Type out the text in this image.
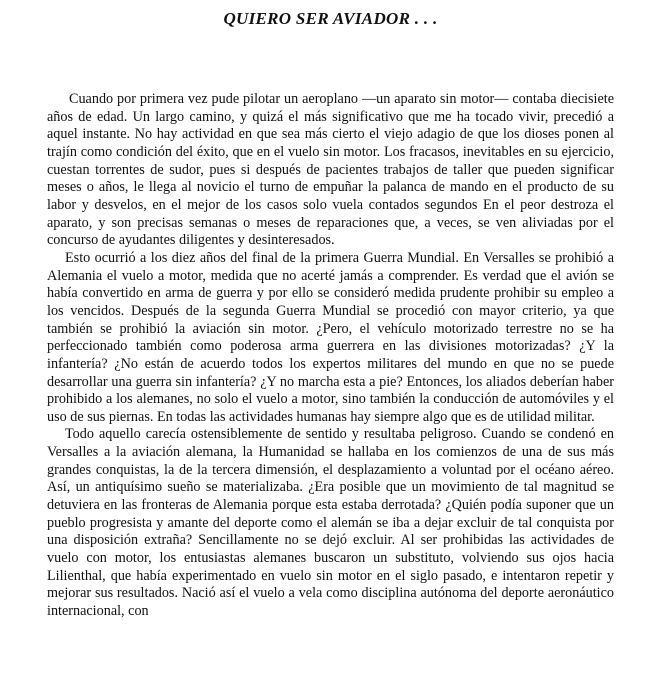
QUIERO SER AVIADOR . . .

Cuando por primera vez pude pilotar un aeroplano —un aparato sin motor— contaba diecisiete años de edad. Un largo camino, y quizá el más significativo que me ha tocado vivir, precedió a aquel instante. No hay actividad en que sea más cierto el viejo adagio de que los dioses ponen al trajín como condición del éxito, que en el vuelo sin motor. Los fracasos, inevitables en su ejercicio, cuestan torrentes de sudor, pues si después de pacientes trabajos de taller que pueden significar meses o años, le llega al novicio el turno de empuñar la palanca de mando en el producto de su labor y desvelos, en el mejor de los casos solo vuela contados segundos En el peor destroza el aparato, y son precisas semanas o meses de reparaciones que, a veces, se ven aliviadas por el concurso de ayudantes diligentes y desinteresados.

Esto ocurrió a los diez años del final de la primera Guerra Mundial. En Versalles se prohibió a Alemania el vuelo a motor, medida que no acerté jamás a comprender. Es verdad que el avión se había convertido en arma de guerra y por ello se consideró medida prudente prohibir su empleo a los vencidos. Después de la segunda Guerra Mundial se procedió con mayor criterio, ya que también se prohibió la aviación sin motor. ¿Pero, el vehículo motorizado terrestre no se ha perfeccionado también como poderosa arma guerrera en las divisiones motorizadas? ¿Y la infantería? ¿No están de acuerdo todos los expertos militares del mundo en que no se puede desarrollar una guerra sin infantería? ¿Y no marcha esta a pie? Entonces, los aliados deberían haber prohibido a los alemanes, no solo el vuelo a motor, sino también la conducción de automóviles y el uso de sus piernas. En todas las actividades humanas hay siempre algo que es de utilidad militar.

Todo aquello carecía ostensiblemente de sentido y resultaba peligroso. Cuando se condenó en Versalles a la aviación alemana, la Humanidad se hallaba en los comienzos de una de sus más grandes conquistas, la de la tercera dimensión, el desplazamiento a voluntad por el océano aéreo. Así, un antiquísimo sueño se materializaba. ¿Era posible que un movimiento de tal magnitud se detuviera en las fronteras de Alemania porque esta estaba derrotada? ¿Quién podía suponer que un pueblo progresista y amante del deporte como el alemán se iba a dejar excluir de tal conquista por una disposición extraña? Sencillamente no se dejó excluir. Al ser prohibidas las actividades de vuelo con motor, los entusiastas alemanes buscaron un substituto, volviendo sus ojos hacia Lilienthal, que había experimentado en vuelo sin motor en el siglo pasado, e intentaron repetir y mejorar sus resultados. Nació así el vuelo a vela como disciplina autónoma del deporte aeronáutico internacional, con
